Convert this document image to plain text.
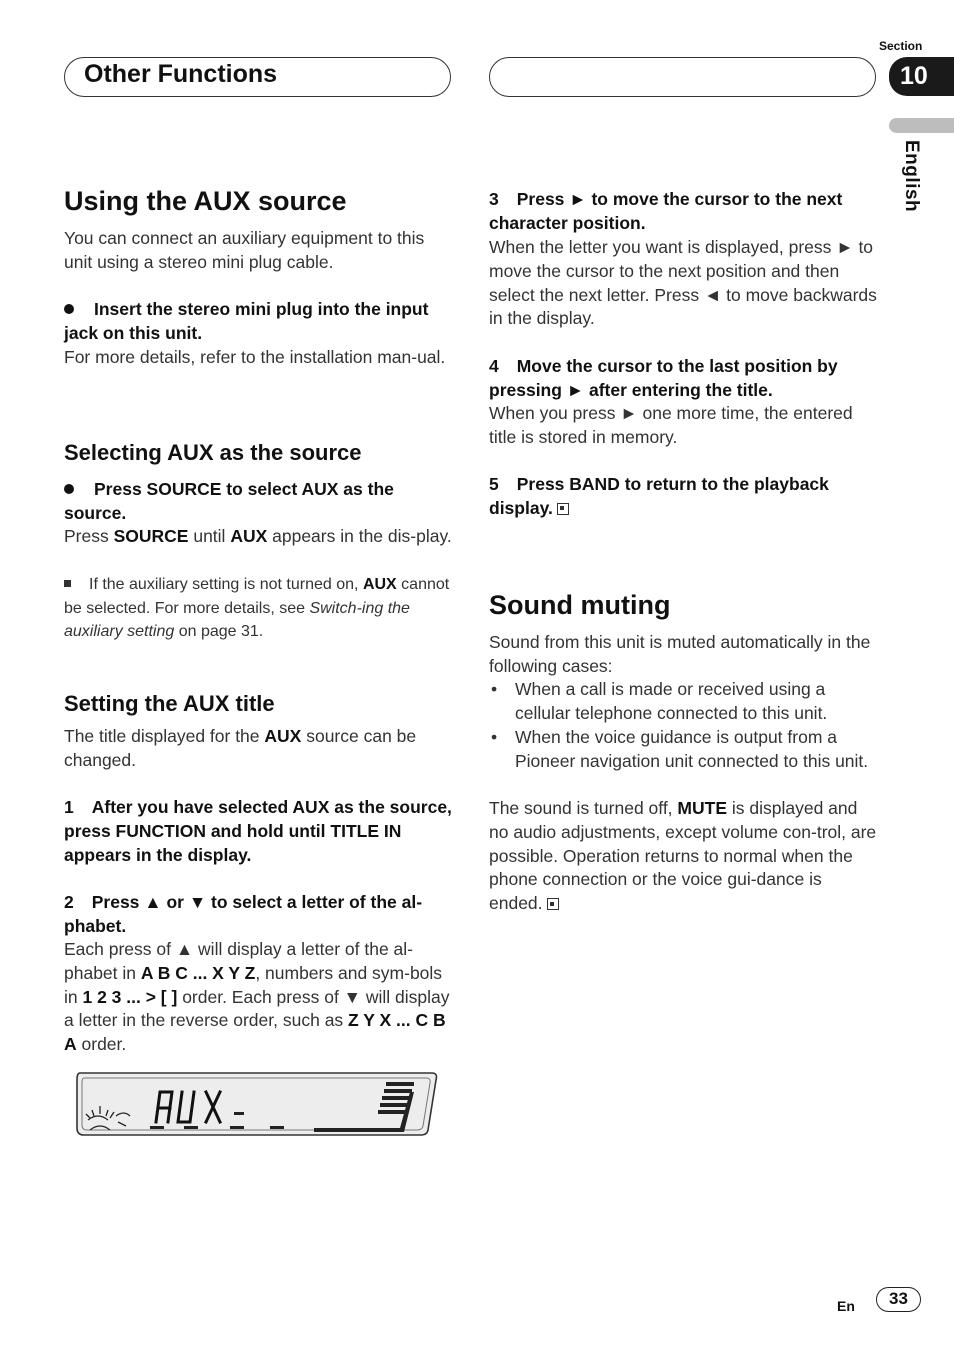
Other Functions
Section
10
English
Using the AUX source
You can connect an auxiliary equipment to this unit using a stereo mini plug cable.
Insert the stereo mini plug into the input jack on this unit.
For more details, refer to the installation man-ual.
Selecting AUX as the source
Press SOURCE to select AUX as the source.
Press SOURCE until AUX appears in the dis-play.
If the auxiliary setting is not turned on, AUX cannot be selected. For more details, see Switch-ing the auxiliary setting on page 31.
Setting the AUX title
The title displayed for the AUX source can be changed.
1 After you have selected AUX as the source, press FUNCTION and hold until TITLE IN appears in the display.
2 Press ▲ or ▼ to select a letter of the al-phabet.
Each press of ▲ will display a letter of the al-phabet in A B C ... X Y Z, numbers and sym-bols in 1 2 3 ... > [ ] order. Each press of ▼ will display a letter in the reverse order, such as Z Y X ... C B A order.
3 Press ► to move the cursor to the next character position.
When the letter you want is displayed, press ► to move the cursor to the next position and then select the next letter. Press ◄ to move backwards in the display.
4 Move the cursor to the last position by pressing ► after entering the title.
When you press ► one more time, the entered title is stored in memory.
5 Press BAND to return to the playback display.
Sound muting
Sound from this unit is muted automatically in the following cases:
• When a call is made or received using a cellular telephone connected to this unit.
• When the voice guidance is output from a Pioneer navigation unit connected to this unit.
The sound is turned off, MUTE is displayed and no audio adjustments, except volume con-trol, are possible. Operation returns to normal when the phone connection or the voice gui-dance is ended.
En	33
